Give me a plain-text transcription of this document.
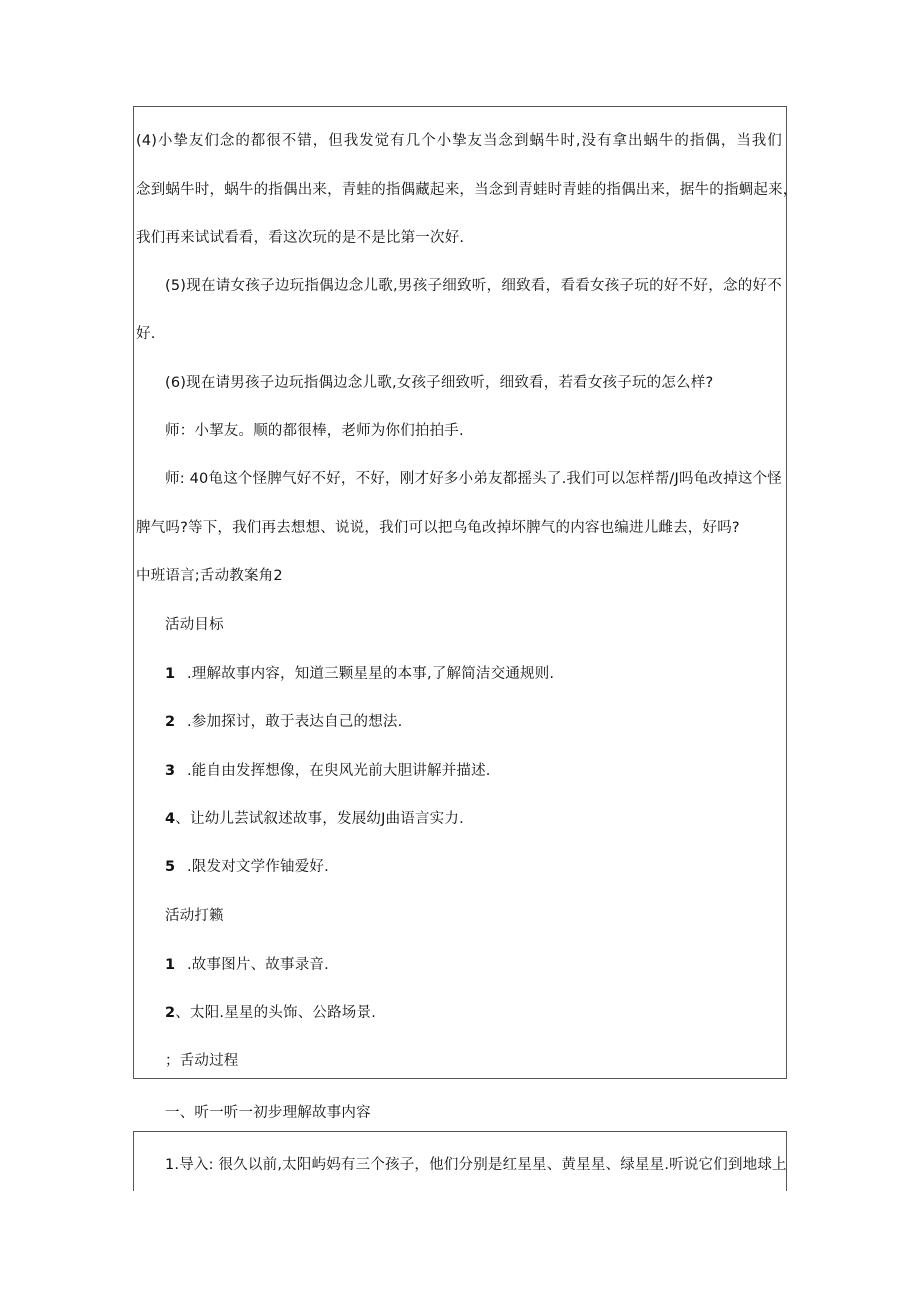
(4)小挚友们念的都很不错，但我发觉有几个小挚友当念到蜗牛时,没有拿出蜗牛的指偶，当我们
念到蜗牛时，蜗牛的指偶出来，青蛙的指偶藏起来，当念到青蛙时青蛙的指偶出来，据牛的指蜩起来，
我们再来试试看看，看这次玩的是不是比第一次好.
(5)现在请女孩子边玩指偶边念儿歌,男孩子细致听，细致看，看看女孩子玩的好不好，念的好不
好.
(6)现在请男孩子边玩指偶边念儿歌,女孩子细致听，细致看，若看女孩子玩的怎么样?
师：小挈友。顺的都很棒，老师为你们拍拍手.
师: 40龟这个怪脾气好不好，不好，刚才好多小弟友都摇头了.我们可以怎样帮/J吗龟改掉这个怪
脾气吗?等下，我们再去想想、说说，我们可以把乌龟改掉坏脾气的内容也编进儿雌去，好吗?
中班语言;舌动教案角2
活动目标
1 .理解故事内容，知道三颗星星的本事,了解简洁交通规则.
2 .参加探讨，敢于表达自己的想法.
3 .能自由发挥想像，在臾风光前大胆讲解并描述.
4、让幼儿芸试叙述故事，发展幼J曲语言实力.
5 .限发对文学作铀爱好.
活动打籁
1 .故事图片、故事录音.
2、太阳.星星的头饰、公路场景.
；舌动过程
一、听一听一初步理解故事内容
1.导入: 很久以前,太阳屿妈有三个孩子，他们分别是红星星、黄星星、绿星星.听说它们到地球上
